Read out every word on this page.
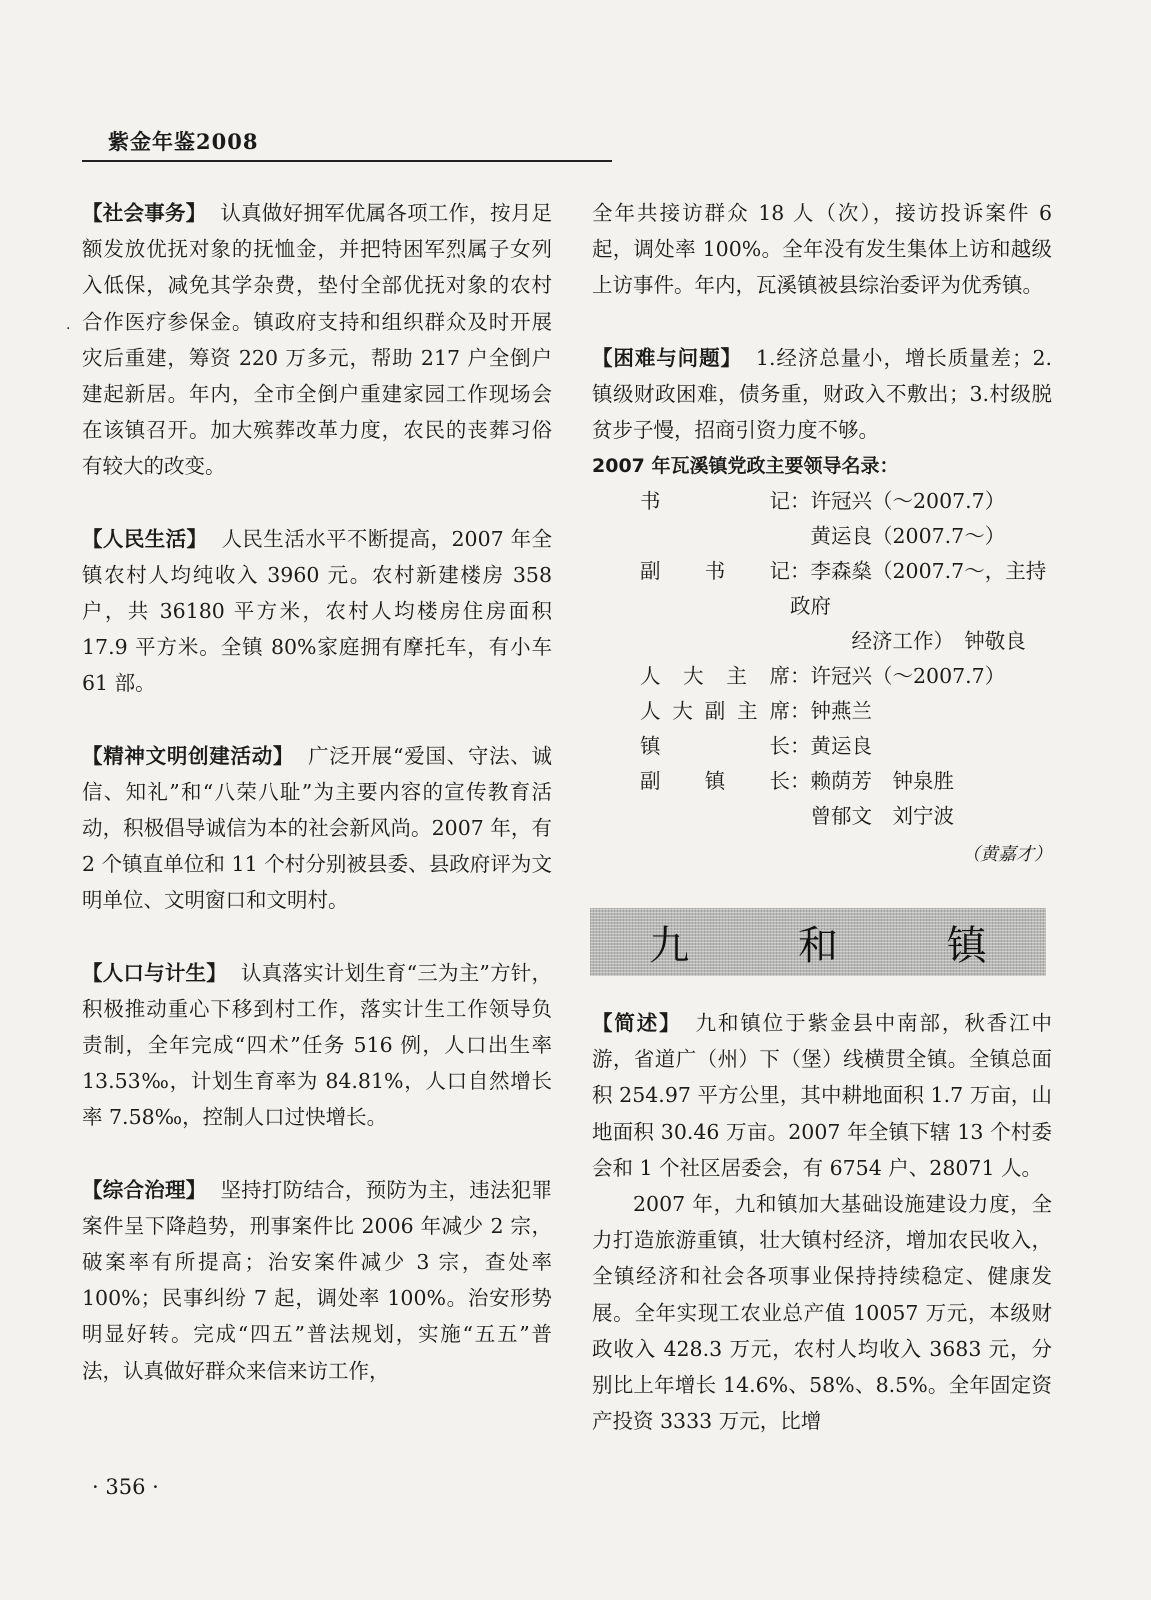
紫金年鉴2008
·

【社会事务】 认真做好拥军优属各项工作，按月足额发放优抚对象的抚恤金，并把特困军烈属子女列入低保，减免其学杂费，垫付全部优抚对象的农村合作医疗参保金。镇政府支持和组织群众及时开展灾后重建，筹资 220 万多元，帮助 217 户全倒户建起新居。年内，全市全倒户重建家园工作现场会在该镇召开。加大殡葬改革力度，农民的丧葬习俗有较大的改变。

【人民生活】 人民生活水平不断提高，2007 年全镇农村人均纯收入 3960 元。农村新建楼房 358 户，共 36180 平方米，农村人均楼房住房面积 17.9 平方米。全镇 80%家庭拥有摩托车，有小车 61 部。

【精神文明创建活动】 广泛开展“爱国、守法、诚信、知礼”和“八荣八耻”为主要内容的宣传教育活动，积极倡导诚信为本的社会新风尚。2007 年，有 2 个镇直单位和 11 个村分别被县委、县政府评为文明单位、文明窗口和文明村。

【人口与计生】 认真落实计划生育“三为主”方针，积极推动重心下移到村工作，落实计生工作领导负责制，全年完成“四术”任务 516 例，人口出生率 13.53‰，计划生育率为 84.81%，人口自然增长率 7.58‰，控制人口过快增长。

【综合治理】 坚持打防结合，预防为主，违法犯罪案件呈下降趋势，刑事案件比 2006 年减少 2 宗，破案率有所提高；治安案件减少 3 宗，查处率 100%；民事纠纷 7 起，调处率 100%。治安形势明显好转。完成“四五”普法规划，实施“五五”普法，认真做好群众来信来访工作，

全年共接访群众 18 人（次），接访投诉案件 6 起，调处率 100%。全年没有发生集体上访和越级上访事件。年内，瓦溪镇被县综治委评为优秀镇。

【困难与问题】 1.经济总量小，增长质量差；2.镇级财政困难，债务重，财政入不敷出；3.村级脱贫步子慢，招商引资力度不够。

2007 年瓦溪镇党政主要领导名录：
书	记 ：许冠兴（～2007.7）
　黄运良（2007.7～）
副 书 记 ：李森燊（2007.7～，主持政府
　　　经济工作）　钟敬良
人 大 主 席 ：许冠兴（～2007.7）
人 大 副 主 席 ：钟燕兰
镇	长 ：黄运良
副 镇 长 ：赖荫芳　钟泉胜
　曾郁文　刘宁波
（黄嘉才）
九 和 镇

【简述】 九和镇位于紫金县中南部，秋香江中游，省道广（州）下（堡）线横贯全镇。全镇总面积 254.97 平方公里，其中耕地面积 1.7 万亩，山地面积 30.46 万亩。2007 年全镇下辖 13 个村委会和 1 个社区居委会，有 6754 户、28071 人。

2007 年，九和镇加大基础设施建设力度，全力打造旅游重镇，壮大镇村经济，增加农民收入，全镇经济和社会各项事业保持持续稳定、健康发展。全年实现工农业总产值 10057 万元，本级财政收入 428.3 万元，农村人均收入 3683 元，分别比上年增长 14.6%、58%、8.5%。全年固定资产投资 3333 万元，比增

· 356 ·
